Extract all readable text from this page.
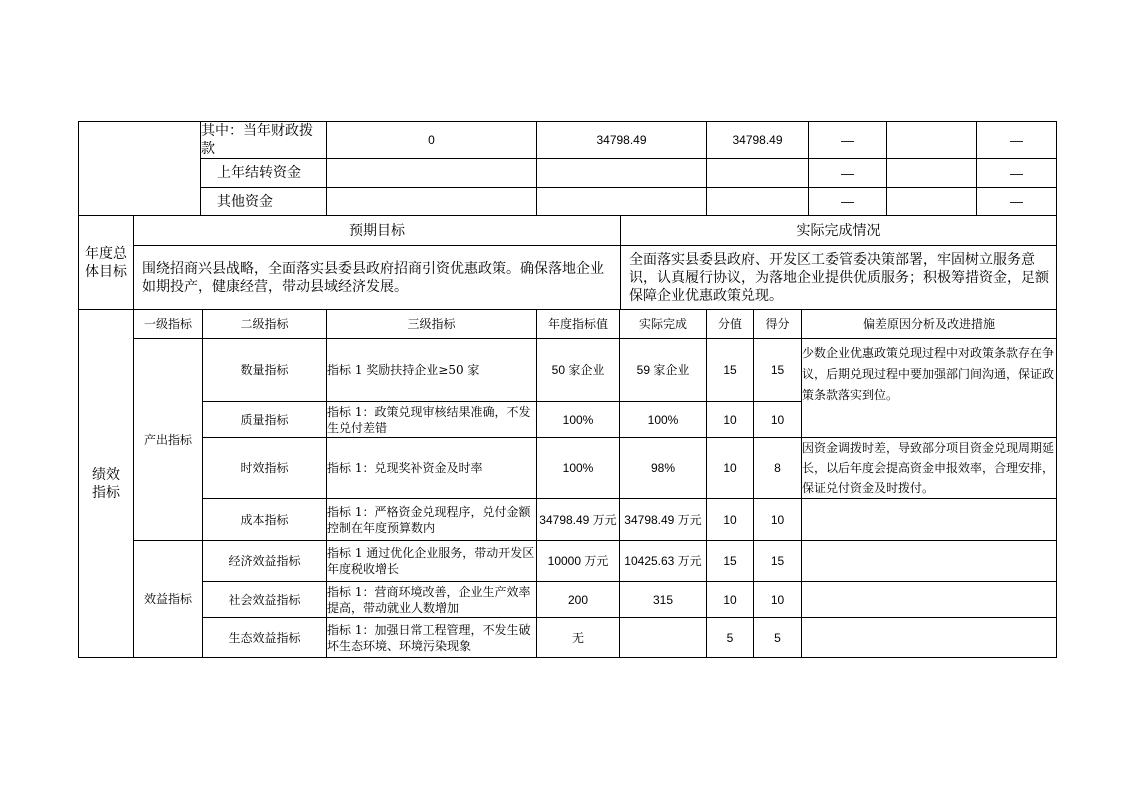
	其中：当年财政拨款	0	34798.49	34798.49	—		—
	上年结转资金				—		—
	其他资金				—		—
年度总体目标	预期目标	实际完成情况
	围绕招商兴县战略，全面落实县委县政府招商引资优惠政策。确保落地企业如期投产，健康经营，带动县域经济发展。	全面落实县委县政府、开发区工委管委决策部署，牢固树立服务意识，认真履行协议，为落地企业提供优质服务；积极筹措资金，足额保障企业优惠政策兑现。
绩效指标	一级指标	二级指标	三级指标	年度指标值	实际完成	分值	得分	偏差原因分析及改进措施
	产出指标	数量指标	指标 1 奖励扶持企业≥50 家	50 家企业	59 家企业	15	15	少数企业优惠政策兑现过程中对政策条款存在争议，后期兑现过程中要加强部门间沟通，保证政策条款落实到位。
		质量指标	指标 1：政策兑现审核结果准确，不发生兑付差错	100%	100%	10	10	
		时效指标	指标 1：兑现奖补资金及时率	100%	98%	10	8	因资金调拨时差，导致部分项目资金兑现周期延长，以后年度会提高资金申报效率，合理安排，保证兑付资金及时拨付。
		成本指标	指标 1：严格资金兑现程序，兑付金额控制在年度预算数内	34798.49 万元	34798.49 万元	10	10	
	效益指标	经济效益指标	指标 1 通过优化企业服务，带动开发区年度税收增长	10000 万元	10425.63 万元	15	15	
		社会效益指标	指标 1：营商环境改善，企业生产效率提高，带动就业人数增加	200	315	10	10	
		生态效益指标	指标 1：加强日常工程管理，不发生破坏生态环境、环境污染现象	无		5	5	
